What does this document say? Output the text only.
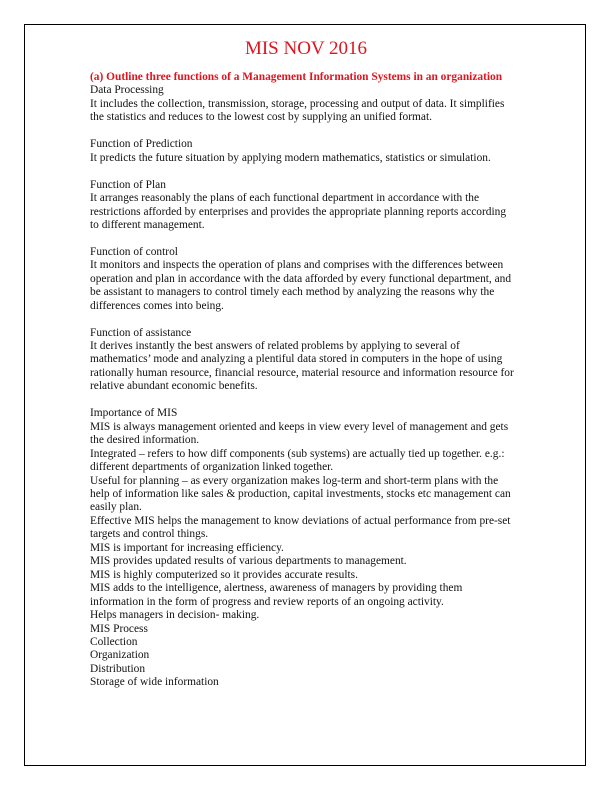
MIS NOV 2016
(a) Outline three functions of a Management Information Systems in an organization
Data Processing
It includes the collection, transmission, storage, processing and output of data. It simplifies
the statistics and reduces to the lowest cost by supplying an unified format.
Function of Prediction
It predicts the future situation by applying modern mathematics, statistics or simulation.
Function of Plan
It arranges reasonably the plans of each functional department in accordance with the
restrictions afforded by enterprises and provides the appropriate planning reports according
to different management.
Function of control
It monitors and inspects the operation of plans and comprises with the differences between
operation and plan in accordance with the data afforded by every functional department, and
be assistant to managers to control timely each method by analyzing the reasons why the
differences comes into being.
Function of assistance
It derives instantly the best answers of related problems by applying to several of
mathematics’ mode and analyzing a plentiful data stored in computers in the hope of using
rationally human resource, financial resource, material resource and information resource for
relative abundant economic benefits.
Importance of MIS
MIS is always management oriented and keeps in view every level of management and gets
the desired information.
Integrated – refers to how diff components (sub systems) are actually tied up together. e.g.:
different departments of organization linked together.
Useful for planning – as every organization makes log-term and short-term plans with the
help of information like sales & production, capital investments, stocks etc management can
easily plan.
Effective MIS helps the management to know deviations of actual performance from pre-set
targets and control things.
MIS is important for increasing efficiency.
MIS provides updated results of various departments to management.
MIS is highly computerized so it provides accurate results.
MIS adds to the intelligence, alertness, awareness of managers by providing them
information in the form of progress and review reports of an ongoing activity.
Helps managers in decision- making.
MIS Process
Collection
Organization
Distribution
Storage of wide information
